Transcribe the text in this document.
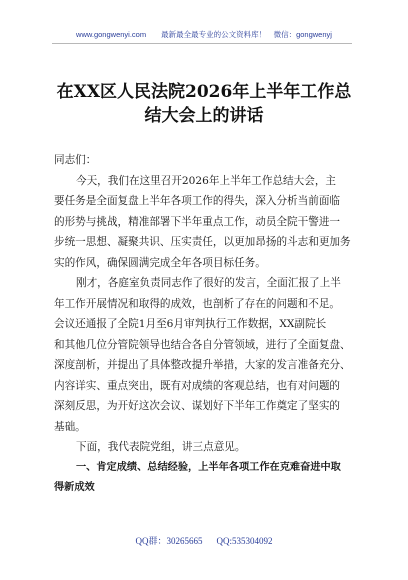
www.gongwenyi.com　　最新最全最专业的公文资料库！　微信：gongwenyj
在XX区人民法院2026年上半年工作总
结大会上的讲话
同志们：
今天，我们在这里召开2026年上半年工作总结大会，主
要任务是全面复盘上半年各项工作的得失，深入分析当前面临
的形势与挑战，精准部署下半年重点工作，动员全院干警进一
步统一思想、凝聚共识、压实责任，以更加昂扬的斗志和更加务
实的作风，确保圆满完成全年各项目标任务。
刚才，各庭室负责同志作了很好的发言，全面汇报了上半
年工作开展情况和取得的成效，也剖析了存在的问题和不足。
会议还通报了全院1月至6月审判执行工作数据，XX副院长
和其他几位分管院领导也结合各自分管领域，进行了全面复盘、
深度剖析，并提出了具体整改提升举措，大家的发言准备充分、
内容详实、重点突出，既有对成绩的客观总结，也有对问题的
深刻反思，为开好这次会议、谋划好下半年工作奠定了坚实的
基础。
下面，我代表院党组，讲三点意见。
一、肯定成绩、总结经验，上半年各项工作在克难奋进中取
得新成效
QQ群：30265665 QQ:535304092
